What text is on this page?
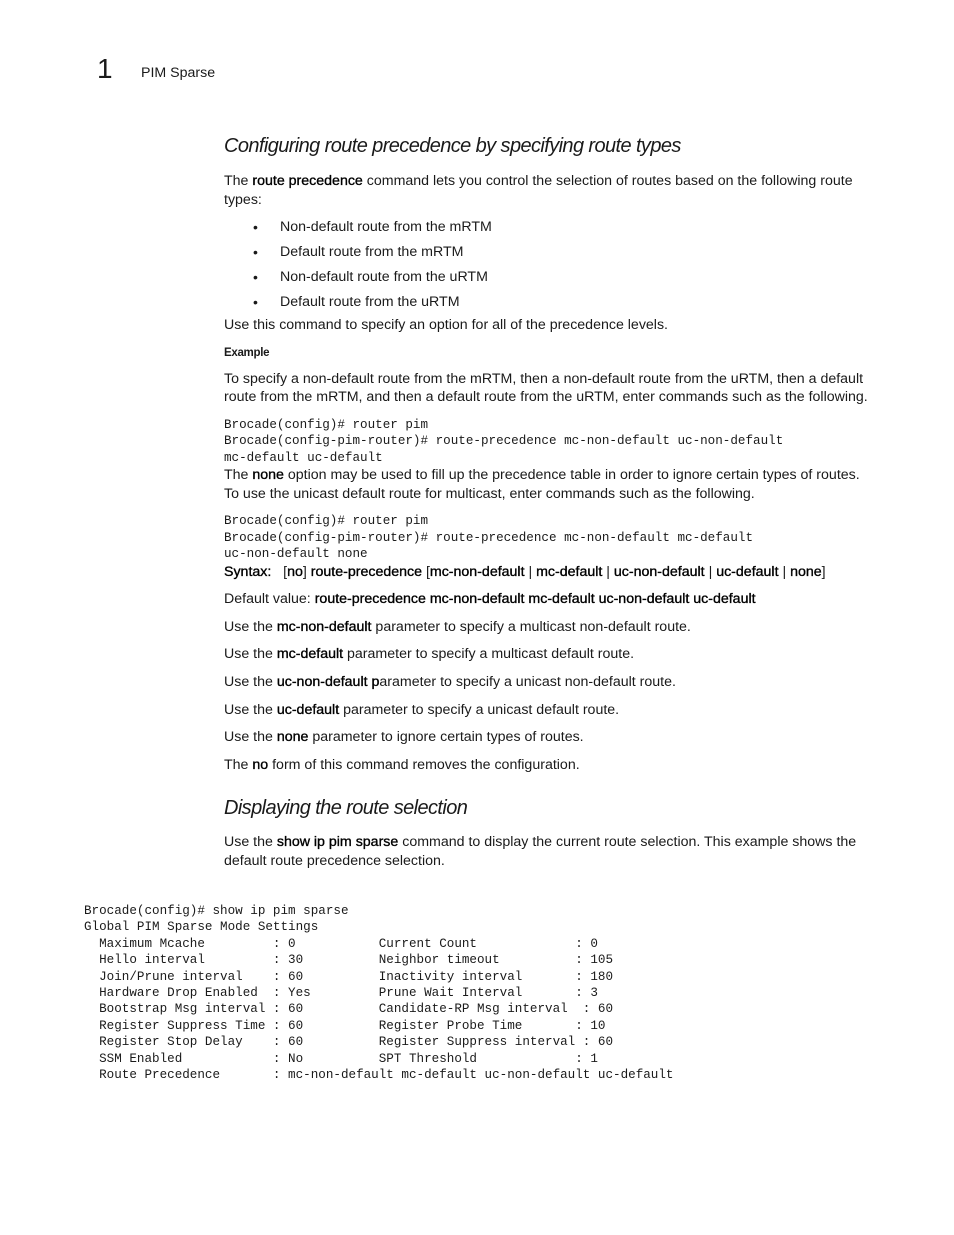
1 PIM Sparse
Configuring route precedence by specifying route types

The route precedence command lets you control the selection of routes based on the following route types:

• Non-default route from the mRTM
• Default route from the mRTM
• Non-default route from the uRTM
• Default route from the uRTM

Use this command to specify an option for all of the precedence levels.

Example

To specify a non-default route from the mRTM, then a non-default route from the uRTM, then a default route from the mRTM, and then a default route from the uRTM, enter commands such as the following.

Brocade(config)# router pim
Brocade(config-pim-router)# route-precedence mc-non-default uc-non-default
mc-default uc-default

The none option may be used to fill up the precedence table in order to ignore certain types of routes. To use the unicast default route for multicast, enter commands such as the following.

Brocade(config)# router pim
Brocade(config-pim-router)# route-precedence mc-non-default mc-default
uc-non-default none

Syntax: [no] route-precedence [mc-non-default | mc-default | uc-non-default | uc-default | none]

Default value: route-precedence mc-non-default mc-default uc-non-default uc-default

Use the mc-non-default parameter to specify a multicast non-default route.

Use the mc-default parameter to specify a multicast default route.

Use the uc-non-default parameter to specify a unicast non-default route.

Use the uc-default parameter to specify a unicast default route.

Use the none parameter to ignore certain types of routes.

The no form of this command removes the configuration.

Displaying the route selection

Use the show ip pim sparse command to display the current route selection. This example shows the default route precedence selection.

Brocade(config)# show ip pim sparse
Global PIM Sparse Mode Settings
Maximum Mcache         : 0           Current Count             : 0
Hello interval         : 30          Neighbor timeout          : 105
Join/Prune interval    : 60          Inactivity interval       : 180
Hardware Drop Enabled  : Yes         Prune Wait Interval       : 3
Bootstrap Msg interval : 60          Candidate-RP Msg interval  : 60
Register Suppress Time : 60          Register Probe Time       : 10
Register Stop Delay    : 60          Register Suppress interval : 60
SSM Enabled            : No          SPT Threshold             : 1
Route Precedence       : mc-non-default mc-default uc-non-default uc-default
